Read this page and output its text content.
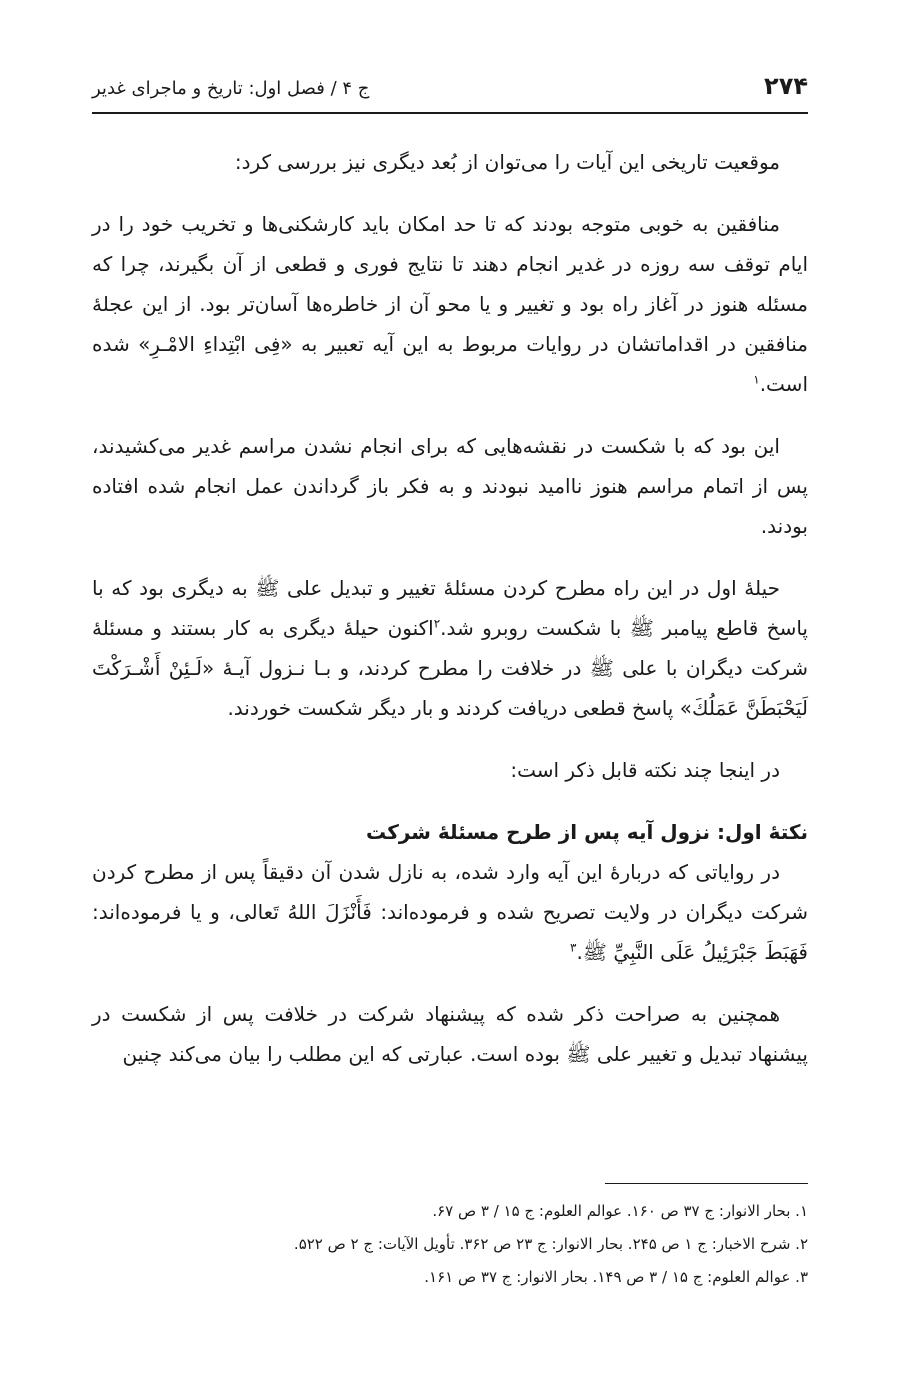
۲۷۴
ج ۴ / فصل اول: تاریخ و ماجرای غدیر

موقعیت تاریخی این آیات را می‌توان از بُعد دیگری نیز بررسی کرد:

منافقین به خوبی متوجه بودند که تا حد امکان باید کارشکنی‌ها و تخریب خود را در ایام توقف سه روزه در غدیر انجام دهند تا نتایج فوری و قطعی از آن بگیرند، چرا که مسئله هنوز در آغاز راه بود و تغییر و یا محو آن از خاطره‌ها آسان‌تر بود. از این عجلهٔ منافقین در اقداماتشان در روایات مربوط به این آیه تعبیر به «فِی ابْتِداءِ الامْـرِ» شده است.$^۱$

این بود که با شکست در نقشه‌هایی که برای انجام نشدن مراسم غدیر می‌کشیدند، پس از اتمام مراسم هنوز ناامید نبودند و به فکر باز گرداندن عمل انجام شده افتاده بودند.

حیلهٔ اول در این راه مطرح کردن مسئلهٔ تغییر و تبدیل علی ﷺ به دیگری بود که با پاسخ قاطع پیامبر ﷺ با شکست روبرو شد.$^۲$اکنون حیلهٔ دیگری به کار بستند و مسئلهٔ شرکت دیگران با علی ﷺ در خلافت را مطرح کردند، و بـا نـزول آیـهٔ «لَـئِنْ أَشْـرَكْتَ لَيَحْبَطَنَّ عَمَلُكَ» پاسخ قطعی دریافت کردند و بار دیگر شکست خوردند.

در اینجا چند نکته قابل ذکر است:

نکتهٔ اول: نزول آیه پس از طرح مسئلهٔ شرکت

در روایاتی که دربارهٔ این آیه وارد شده، به نازل شدن آن دقیقاً پس از مطرح کردن شرکت دیگران در ولایت تصریح شده و فرموده‌اند: فَأَنْزَلَ اللهُ تَعالى، و یا فرموده‌اند: فَهَبَطَ جَبْرَئِيلُ عَلَى النَّبِيِّ ﷺ.$^۳$

همچنین به صراحت ذکر شده که پیشنهاد شرکت در خلافت پس از شکست در پیشنهاد تبدیل و تغییر علی ﷺ بوده است. عبارتی که این مطلب را بیان می‌کند چنین

۱. بحار الانوار: ج ۳۷ ص ۱۶۰. عوالم العلوم: ج ۱۵ / ۳ ص ۶۷.
۲. شرح الاخبار: ج ۱ ص ۲۴۵. بحار الانوار: ج ۲۳ ص ۳۶۲. تأویل الآیات: ج ۲ ص ۵۲۲.
۳. عوالم العلوم: ج ۱۵ / ۳ ص ۱۴۹. بحار الانوار: ج ۳۷ ص ۱۶۱.
